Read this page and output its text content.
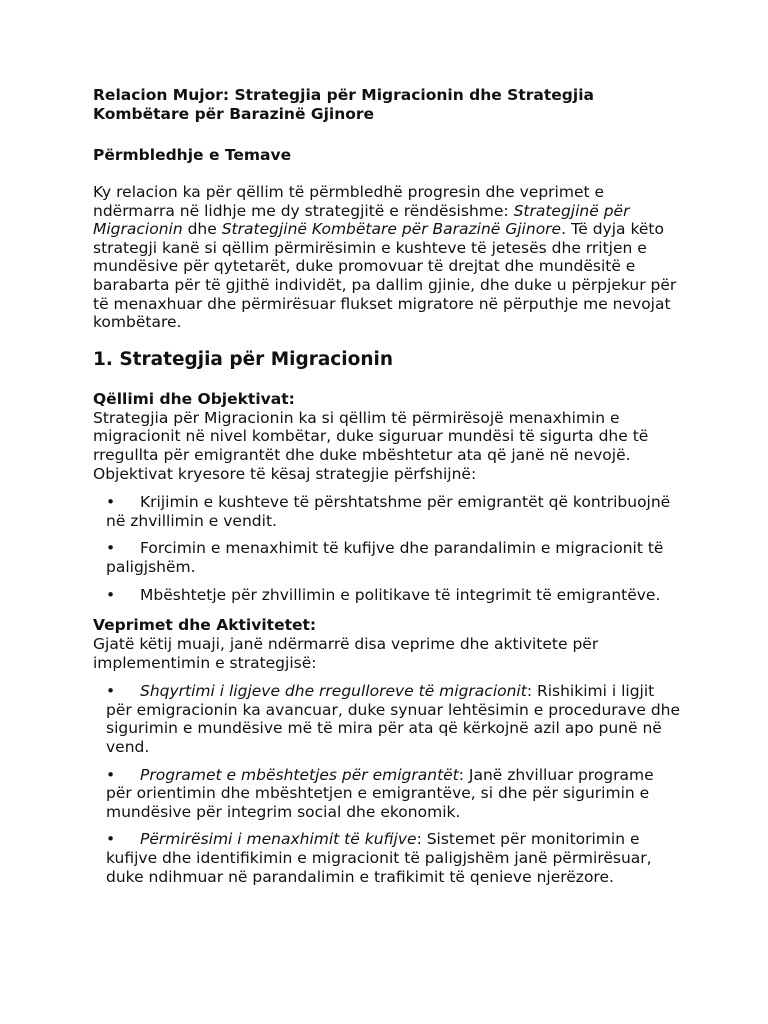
Relacion Mujor: Strategjia për Migracionin dhe Strategjia
Kombëtare për Barazinë Gjinore
Përmbledhje e Temave

Ky relacion ka për qëllim të përmbledhë progresin dhe veprimet e ndërmarra në lidhje me dy strategjitë e rëndësishme: Strategjinë për Migracionin dhe Strategjinë Kombëtare për Barazinë Gjinore. Të dyja këto strategji kanë si qëllim përmirësimin e kushteve të jetesës dhe rritjen e mundësive për qytetarët, duke promovuar të drejtat dhe mundësitë e barabarta për të gjithë individët, pa dallim gjinie, dhe duke u përpjekur për të menaxhuar dhe përmirësuar flukset migratore në përputhje me nevojat kombëtare.

1. Strategjia për Migracionin
Qëllimi dhe Objektivat:

Strategjia për Migracionin ka si qëllim të përmirësojë menaxhimin e migracionit në nivel kombëtar, duke siguruar mundësi të sigurta dhe të rregullta për emigrantët dhe duke mbështetur ata që janë në nevojë. Objektivat kryesore të kësaj strategjie përfshijnë:

• Krijimin e kushteve të përshtatshme për emigrantët që kontribuojnë në zhvillimin e vendit.
• Forcimin e menaxhimit të kufijve dhe parandalimin e migracionit të paligjshëm.
• Mbështetje për zhvillimin e politikave të integrimit të emigrantëve.
Veprimet dhe Aktivitetet:

Gjatë këtij muaji, janë ndërmarrë disa veprime dhe aktivitete për implementimin e strategjisë:

• Shqyrtimi i ligjeve dhe rregulloreve të migracionit: Rishikimi i ligjit për emigracionin ka avancuar, duke synuar lehtësimin e procedurave dhe sigurimin e mundësive më të mira për ata që kërkojnë azil apo punë në vend.
• Programet e mbështetjes për emigrantët: Janë zhvilluar programe për orientimin dhe mbështetjen e emigrantëve, si dhe për sigurimin e mundësive për integrim social dhe ekonomik.
• Përmirësimi i menaxhimit të kufijve: Sistemet për monitorimin e kufijve dhe identifikimin e migracionit të paligjshëm janë përmirësuar, duke ndihmuar në parandalimin e trafikimit të qenieve njerëzore.
